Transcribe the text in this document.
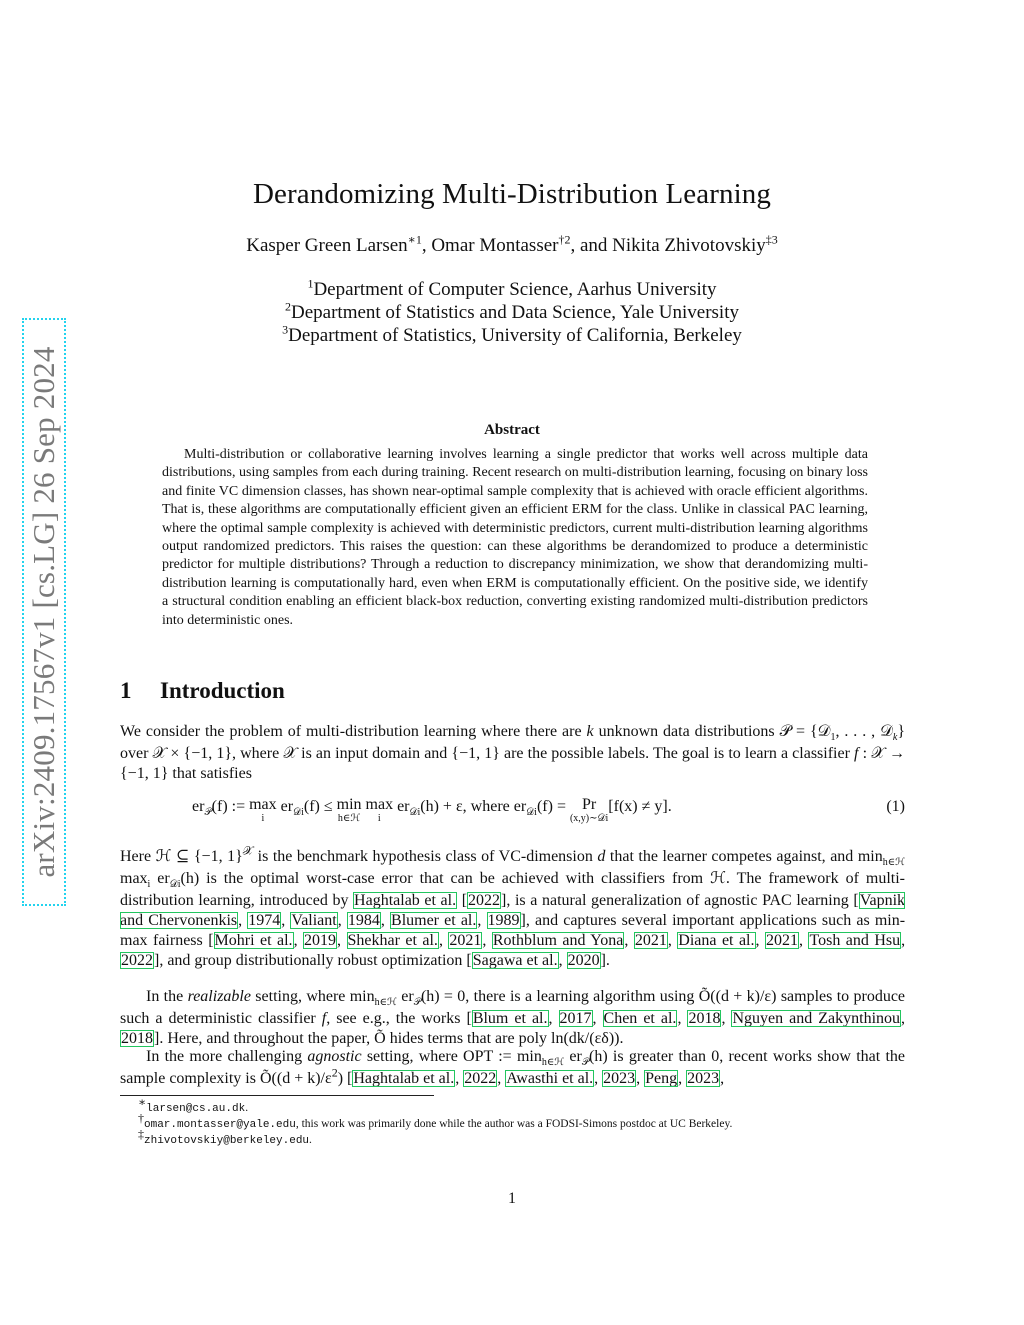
arXiv:2409.17567v1 [cs.LG] 26 Sep 2024
Derandomizing Multi-Distribution Learning
Kasper Green Larsen$^{∗1}$, Omar Montasser$^{\dagger 2}$, and Nikita Zhivotovskiy$^{\ddagger 3}$
$^1$Department of Computer Science, Aarhus University
$^2$Department of Statistics and Data Science, Yale University
$^3$Department of Statistics, University of California, Berkeley
Abstract

Multi-distribution or collaborative learning involves learning a single predictor that works well across multiple data distributions, using samples from each during training. Recent research on multi-distribution learning, focusing on binary loss and finite VC dimension classes, has shown near-optimal sample complexity that is achieved with oracle efficient algorithms. That is, these algorithms are computationally efficient given an efficient ERM for the class. Unlike in classical PAC learning, where the optimal sample complexity is achieved with deterministic predictors, current multi-distribution learning algorithms output randomized predictors. This raises the question: can these algorithms be derandomized to produce a deterministic predictor for multiple distributions? Through a reduction to discrepancy minimization, we show that derandomizing multi-distribution learning is computationally hard, even when ERM is computationally efficient. On the positive side, we identify a structural condition enabling an efficient black-box reduction, converting existing randomized multi-distribution predictors into deterministic ones.

1 Introduction

We consider the problem of multi-distribution learning where there are k unknown data distributions 𝒫 = {𝒟$_1$, . . . , 𝒟$_k$} over 𝒳 × {−1, 1}, where 𝒳 is an input domain and {−1, 1} are the possible labels. The goal is to learn a classifier f : 𝒳 → {−1, 1} that satisfies

$er_𝒫(f)$ := max
i
$er_{𝒟i}(f) \le \min$
h∈ℋ
max
i
$er_{𝒟i}(h) + \varepsilon$, where $er_{𝒟i}(f) = Pr$
(x,y)∼𝒟i
[f(x) ≠ y].	(1)

Here ℋ ⊆ {−1, 1}$^𝒳$ is the benchmark hypothesis class of VC-dimension d that the learner competes against, and $\min_{h\in ℋ} \max_i er_{𝒟i}(h)$ is the optimal worst-case error that can be achieved with classifiers from ℋ. The framework of multi-distribution learning, introduced by Haghtalab et al. [2022], is a natural generalization of agnostic PAC learning [Vapnik and Chervonenkis, 1974, Valiant, 1984, Blumer et al., 1989], and captures several important applications such as min-max fairness [Mohri et al., 2019, Shekhar et al., 2021, Rothblum and Yona, 2021, Diana et al., 2021, Tosh and Hsu, 2022], and group distributionally robust optimization [Sagawa et al., 2020].

In the realizable setting, where $\min_{h\in ℋ} er_𝒫(h) = 0$, there is a learning algorithm using Õ((d + k)/ε) samples to produce such a deterministic classifier f, see e.g., the works [Blum et al., 2017, Chen et al., 2018, Nguyen and Zakynthinou, 2018]. Here, and throughout the paper, Õ hides terms that are poly ln(dk/(εδ)).

In the more challenging agnostic setting, where OPT := $\min_{h\in ℋ} er_𝒫(h)$ is greater than 0, recent works show that the sample complexity is Õ((d + $k)/\varepsilon^2$) [Haghtalab et al., 2022, Awasthi et al., 2023, Peng, 2023,

∗larsen@cs.au.dk.
†omar.montasser@yale.edu, this work was primarily done while the author was a FODSI-Simons postdoc at UC Berkeley.
‡zhivotovskiy@berkeley.edu.
1
